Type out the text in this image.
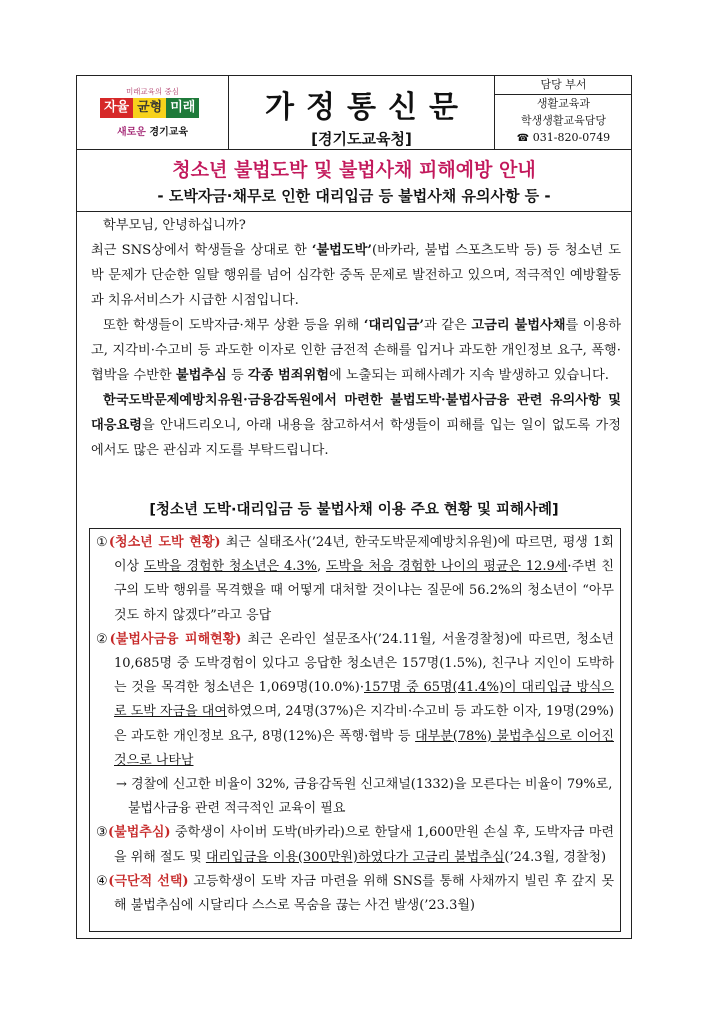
미래교육의 중심
자율 균형 미래
새로운 경기교육
가정통신문
[경기도교육청]
담당 부서
생활교육과
학생생활교육담당
☎ 031-820-0749
청소년 불법도박 및 불법사채 피해예방 안내
- 도박자금·채무로 인한 대리입금 등 불법사채 유의사항 등 -

학부모님, 안녕하십니까?

최근 SNS상에서 학생들을 상대로 한 ‘불법도박’(바카라, 불법 스포츠도박 등) 등 청소년 도박 문제가 단순한 일탈 행위를 넘어 심각한 중독 문제로 발전하고 있으며, 적극적인 예방활동과 치유서비스가 시급한 시점입니다.

또한 학생들이 도박자금·채무 상환 등을 위해 ‘대리입금’과 같은 고금리 불법사채를 이용하고, 지각비·수고비 등 과도한 이자로 인한 금전적 손해를 입거나 과도한 개인정보 요구, 폭행·협박을 수반한 불법추심 등 각종 범죄위험에 노출되는 피해사례가 지속 발생하고 있습니다.

한국도박문제예방치유원·금융감독원에서 마련한 불법도박·불법사금융 관련 유의사항 및 대응요령을 안내드리오니, 아래 내용을 참고하셔서 학생들이 피해를 입는 일이 없도록 가정에서도 많은 관심과 지도를 부탁드립니다.

[청소년 도박·대리입금 등 불법사채 이용 주요 현황 및 피해사례]

①(청소년 도박 현황) 최근 실태조사(’24년, 한국도박문제예방치유원)에 따르면, 평생 1회 이상 도박을 경험한 청소년은 4.3%, 도박을 처음 경험한 나이의 평균은 12.9세·주변 친구의 도박 행위를 목격했을 때 어떻게 대처할 것이냐는 질문에 56.2%의 청소년이 “아무것도 하지 않겠다”라고 응답

②(불법사금융 피해현황) 최근 온라인 설문조사(’24.11월, 서울경찰청)에 따르면, 청소년 10,685명 중 도박경험이 있다고 응답한 청소년은 157명(1.5%), 친구나 지인이 도박하는 것을 목격한 청소년은 1,069명(10.0%)·157명 중 65명(41.4%)이 대리입금 방식으로 도박 자금을 대여하였으며, 24명(37%)은 지각비·수고비 등 과도한 이자, 19명(29%)은 과도한 개인정보 요구, 8명(12%)은 폭행·협박 등 대부분(78%) 불법추심으로 이어진 것으로 나타남

→ 경찰에 신고한 비율이 32%, 금융감독원 신고채널(1332)을 모른다는 비율이 79%로,

불법사금융 관련 적극적인 교육이 필요

③(불법추심) 중학생이 사이버 도박(바카라)으로 한달새 1,600만원 손실 후, 도박자금 마련을 위해 절도 및 대리입금을 이용(300만원)하였다가 고금리 불법추심(’24.3월, 경찰청)

④(극단적 선택) 고등학생이 도박 자금 마련을 위해 SNS를 통해 사채까지 빌린 후 갚지 못해 불법추심에 시달리다 스스로 목숨을 끊는 사건 발생(’23.3월)
